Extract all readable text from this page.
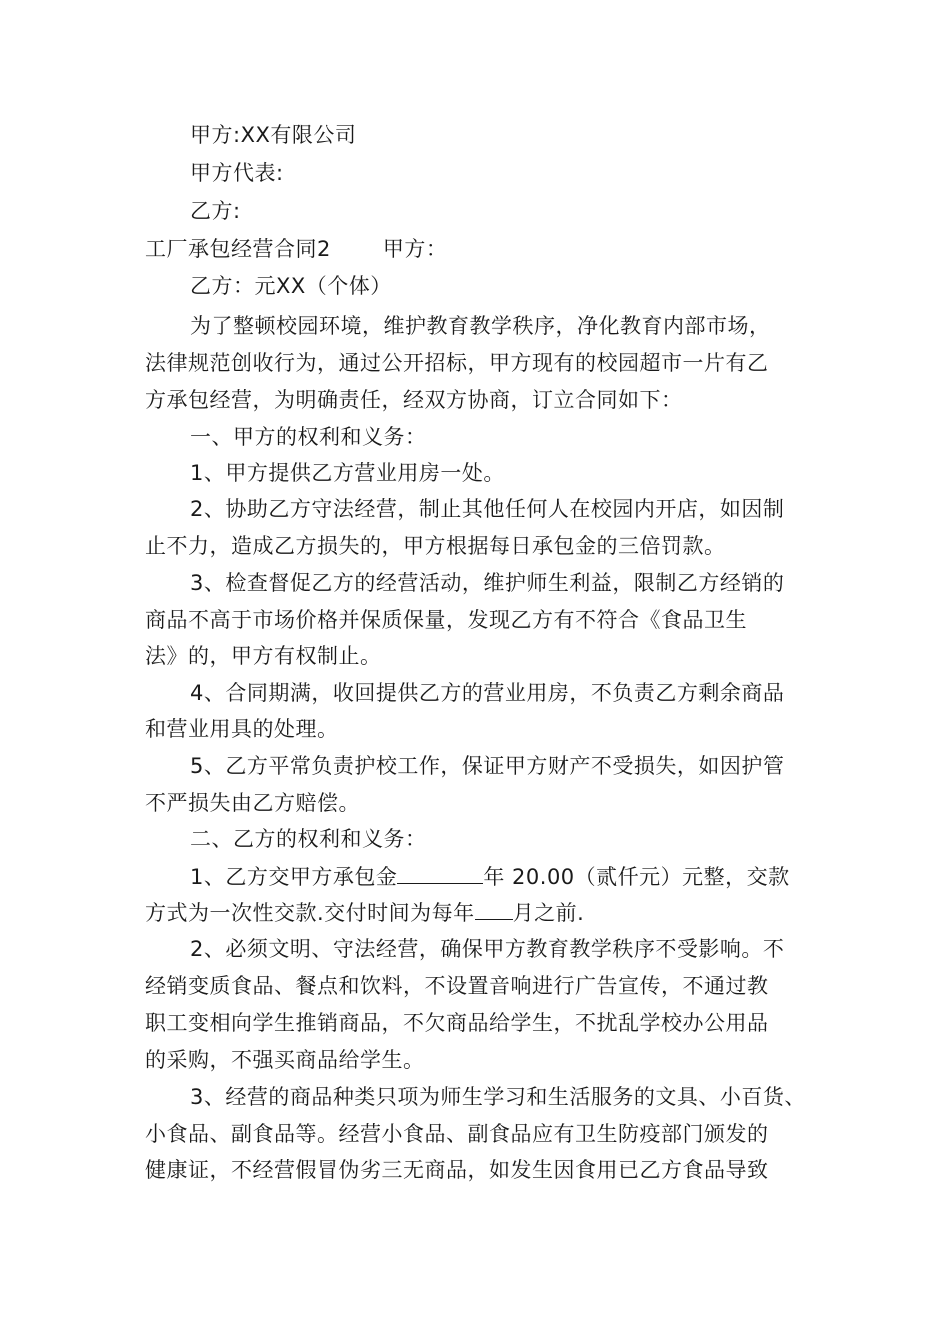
甲方:XX有限公司
甲方代表:
乙方:
工厂承包经营合同2 甲方：
乙方：元XX（个体）
为了整顿校园环境，维护教育教学秩序，净化教育内部市场，
法律规范创收行为，通过公开招标，甲方现有的校园超市一片有乙
方承包经营，为明确责任，经双方协商，订立合同如下：
一、甲方的权利和义务：
1、甲方提供乙方营业用房一处。
2、协助乙方守法经营，制止其他任何人在校园内开店，如因制
止不力，造成乙方损失的，甲方根据每日承包金的三倍罚款。
3、检查督促乙方的经营活动，维护师生利益，限制乙方经销的
商品不高于市场价格并保质保量，发现乙方有不符合《食品卫生
法》的，甲方有权制止。
4、合同期满，收回提供乙方的营业用房，不负责乙方剩余商品
和营业用具的处理。
5、乙方平常负责护校工作，保证甲方财产不受损失，如因护管
不严损失由乙方赔偿。
二、乙方的权利和义务：
1、乙方交甲方承包金	年 20.00（贰仟元）元整，交款
方式为一次性交款.交付时间为每年 月之前.
2、必须文明、守法经营，确保甲方教育教学秩序不受影响。不
经销变质食品、餐点和饮料，不设置音响进行广告宣传，不通过教
职工变相向学生推销商品，不欠商品给学生，不扰乱学校办公用品
的采购，不强买商品给学生。
3、经营的商品种类只项为师生学习和生活服务的文具、小百货、
小食品、副食品等。经营小食品、副食品应有卫生防疫部门颁发的
健康证，不经营假冒伪劣三无商品，如发生因食用已乙方食品导致
